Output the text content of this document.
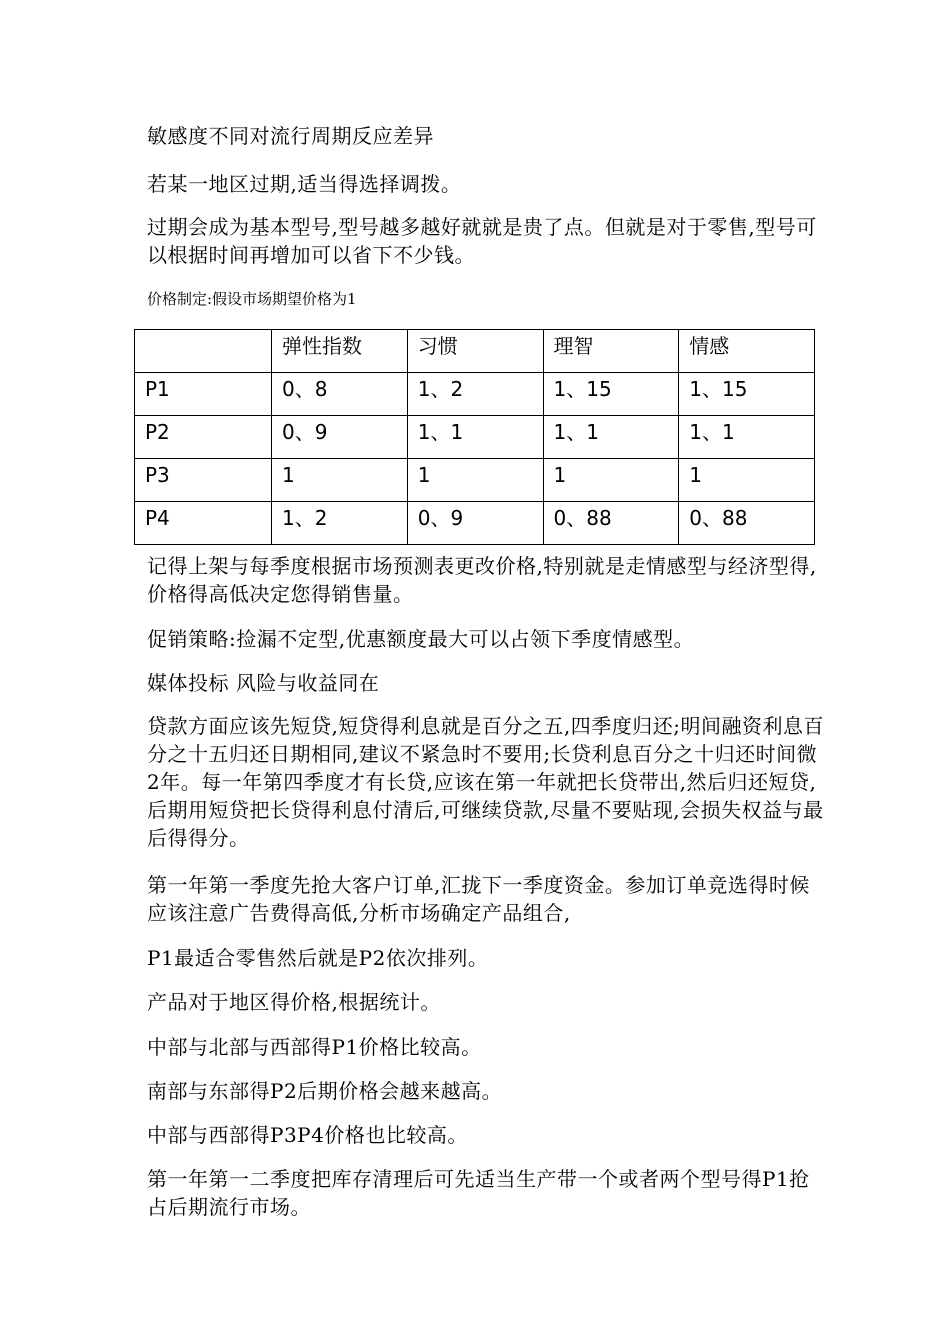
敏感度不同对流行周期反应差异

若某一地区过期,适当得选择调拨。

过期会成为基本型号,型号越多越好就就是贵了点。但就是对于零售,型号可以根据时间再增加可以省下不少钱。

价格制定:假设市场期望价格为1

	弹性指数	习惯	理智	情感
P1	0、8	1、2	1、15	1、15
P2	0、9	1、1	1、1	1、1
P3	1	1	1	1
P4	1、2	0、9	0、88	0、88

记得上架与每季度根据市场预测表更改价格,特别就是走情感型与经济型得,价格得高低决定您得销售量。

促销策略:捡漏不定型,优惠额度最大可以占领下季度情感型。

媒体投标 风险与收益同在

贷款方面应该先短贷,短贷得利息就是百分之五,四季度归还;明间融资利息百分之十五归还日期相同,建议不紧急时不要用;长贷利息百分之十归还时间微2年。每一年第四季度才有长贷,应该在第一年就把长贷带出,然后归还短贷,后期用短贷把长贷得利息付清后,可继续贷款,尽量不要贴现,会损失权益与最后得得分。

第一年第一季度先抢大客户订单,汇拢下一季度资金。参加订单竞选得时候应该注意广告费得高低,分析市场确定产品组合,

P1最适合零售然后就是P2依次排列。

产品对于地区得价格,根据统计。

中部与北部与西部得P1价格比较高。

南部与东部得P2后期价格会越来越高。

中部与西部得P3P4价格也比较高。

第一年第一二季度把库存清理后可先适当生产带一个或者两个型号得P1抢占后期流行市场。
